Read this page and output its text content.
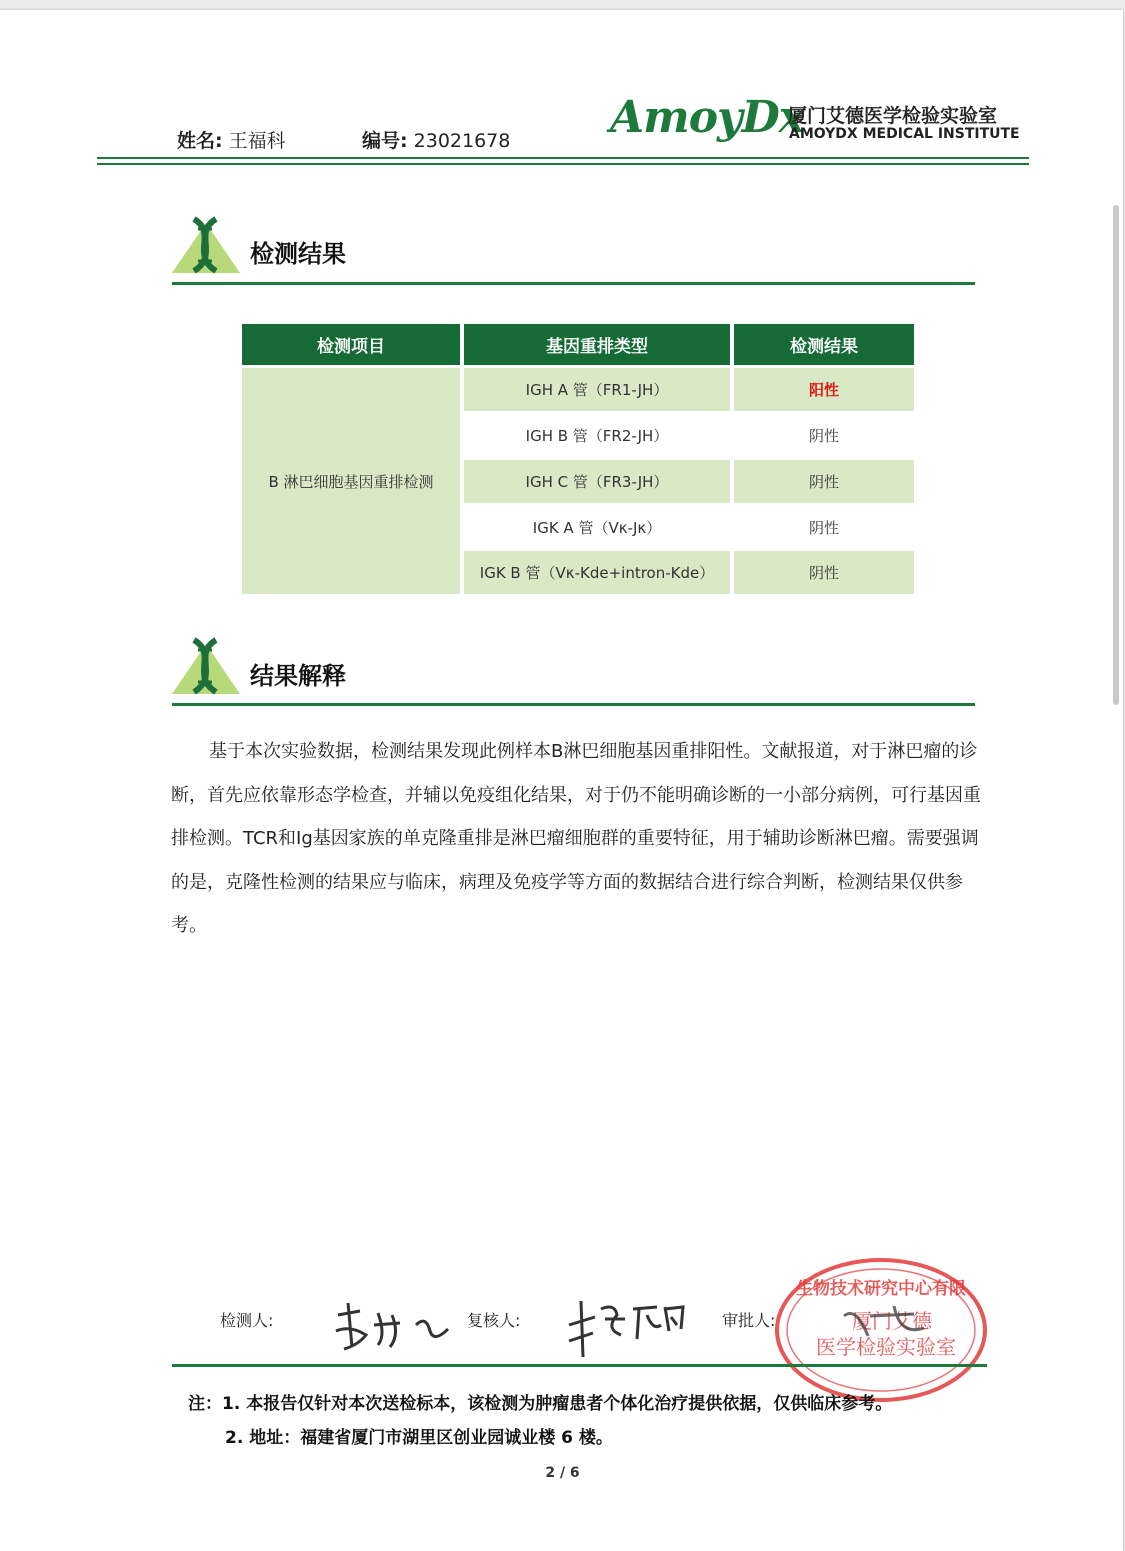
姓名: 王福科	编号: 23021678 AmoyDx
厦门艾德医学检验实验室
AMOYDX MEDICAL INSTITUTE
检测结果
检测项目	基因重排类型	检测结果
B 淋巴细胞基因重排检测
IGH A 管（FR1-JH）	阳性
IGH B 管（FR2-JH）	阴性
IGH C 管（FR3-JH）	阴性
IGK A 管（Vκ-Jκ）	阴性
IGK B 管（Vκ-Kde+intron-Kde）	阴性
结果解释

基于本次实验数据，检测结果发现此例样本B淋巴细胞基因重排阳性。文献报道，对于淋巴瘤的诊断，首先应依靠形态学检查，并辅以免疫组化结果，对于仍不能明确诊断的一小部分病例，可行基因重排检测。TCR和Ig基因家族的单克隆重排是淋巴瘤细胞群的重要特征，用于辅助诊断淋巴瘤。需要强调的是，克隆性检测的结果应与临床，病理及免疫学等方面的数据结合进行综合判断，检测结果仅供参考。

检测人:	复核人:	审批人:
生物技术研究中心有限
厦门艾德
医学检验实验室
注：1. 本报告仅针对本次送检标本，该检测为肿瘤患者个体化治疗提供依据，仅供临床参考。
2. 地址：福建省厦门市湖里区创业园诚业楼 6 楼。
2 / 6
